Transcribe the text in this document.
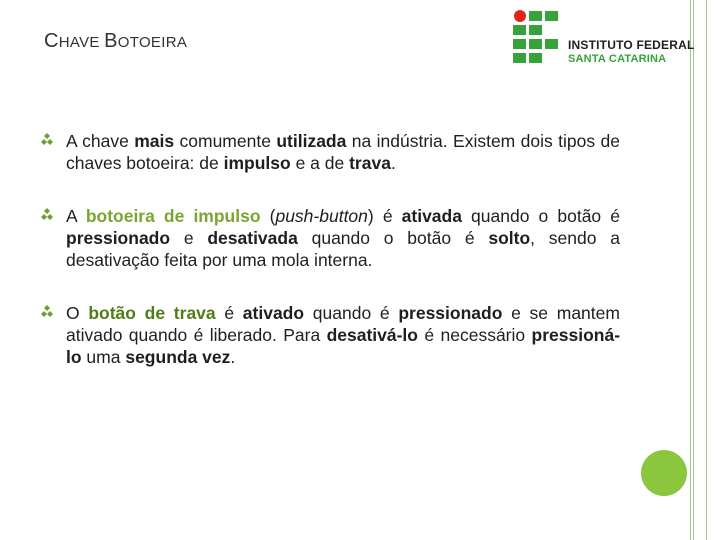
CHAVE BOTOEIRA	INSTITUTO FEDERAL
SANTA CATARINA
A chave mais comumente utilizada na indústria. Existem dois tipos de chaves botoeira: de impulso e a de trava.
A botoeira de impulso (push-button) é ativada quando o botão é pressionado e desativada quando o botão é solto, sendo a desativação feita por uma mola interna.
O botão de trava é ativado quando é pressionado e se mantem ativado quando é liberado. Para desativá-lo é necessário pressioná-lo uma segunda vez.
